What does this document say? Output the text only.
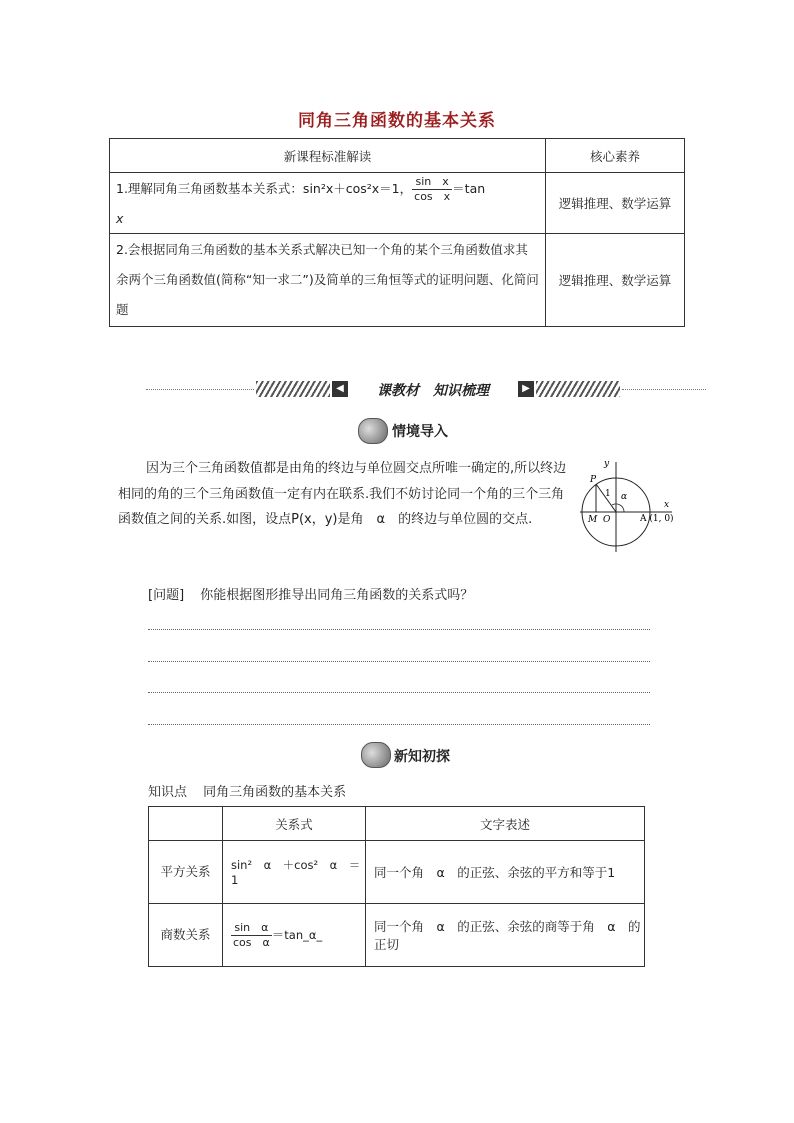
同角三角函数的基本关系
新课程标准解读	核心素养
1.理解同角三角函数基本关系式：sin²x＋cos²x＝1， $\frac{\text{sin　x}}{\text{cos　x}} =\tan$
x	逻辑推理、数学运算
2.会根据同角三角函数的基本关系式解决已知一个角的某个三角函数值求其余两个三角函数值(简称“知一求二”)及简单的三角恒等式的证明问题、化简问题	逻辑推理、数学运算
◀	课教材　知识梳理	▶
情境导入
因为三个三角函数值都是由角的终边与单位圆交点所唯一确定的,所以终边相同的角的三个三角函数值一定有内在联系.我们不妨讨论同一个角的三个三角函数值之间的关系.如图，设点P(x，y)是角　α　的终边与单位圆的交点.
y
x
P
M O
1 α
A (1, 0)
[问题] 你能根据图形推导出同角三角函数的关系式吗？
新知初探
知识点 同角三角函数的基本关系
	关系式	文字表述
平方关系	sin²　α　＋cos²　α　＝1	同一个角　α　的正弦、余弦的平方和等于1
商数关系	$\frac{\text{sin　α}}{\text{cos　α}}$ ＝tan_α_	同一个角　α　的正弦、余弦的商等于角　α　的正切
